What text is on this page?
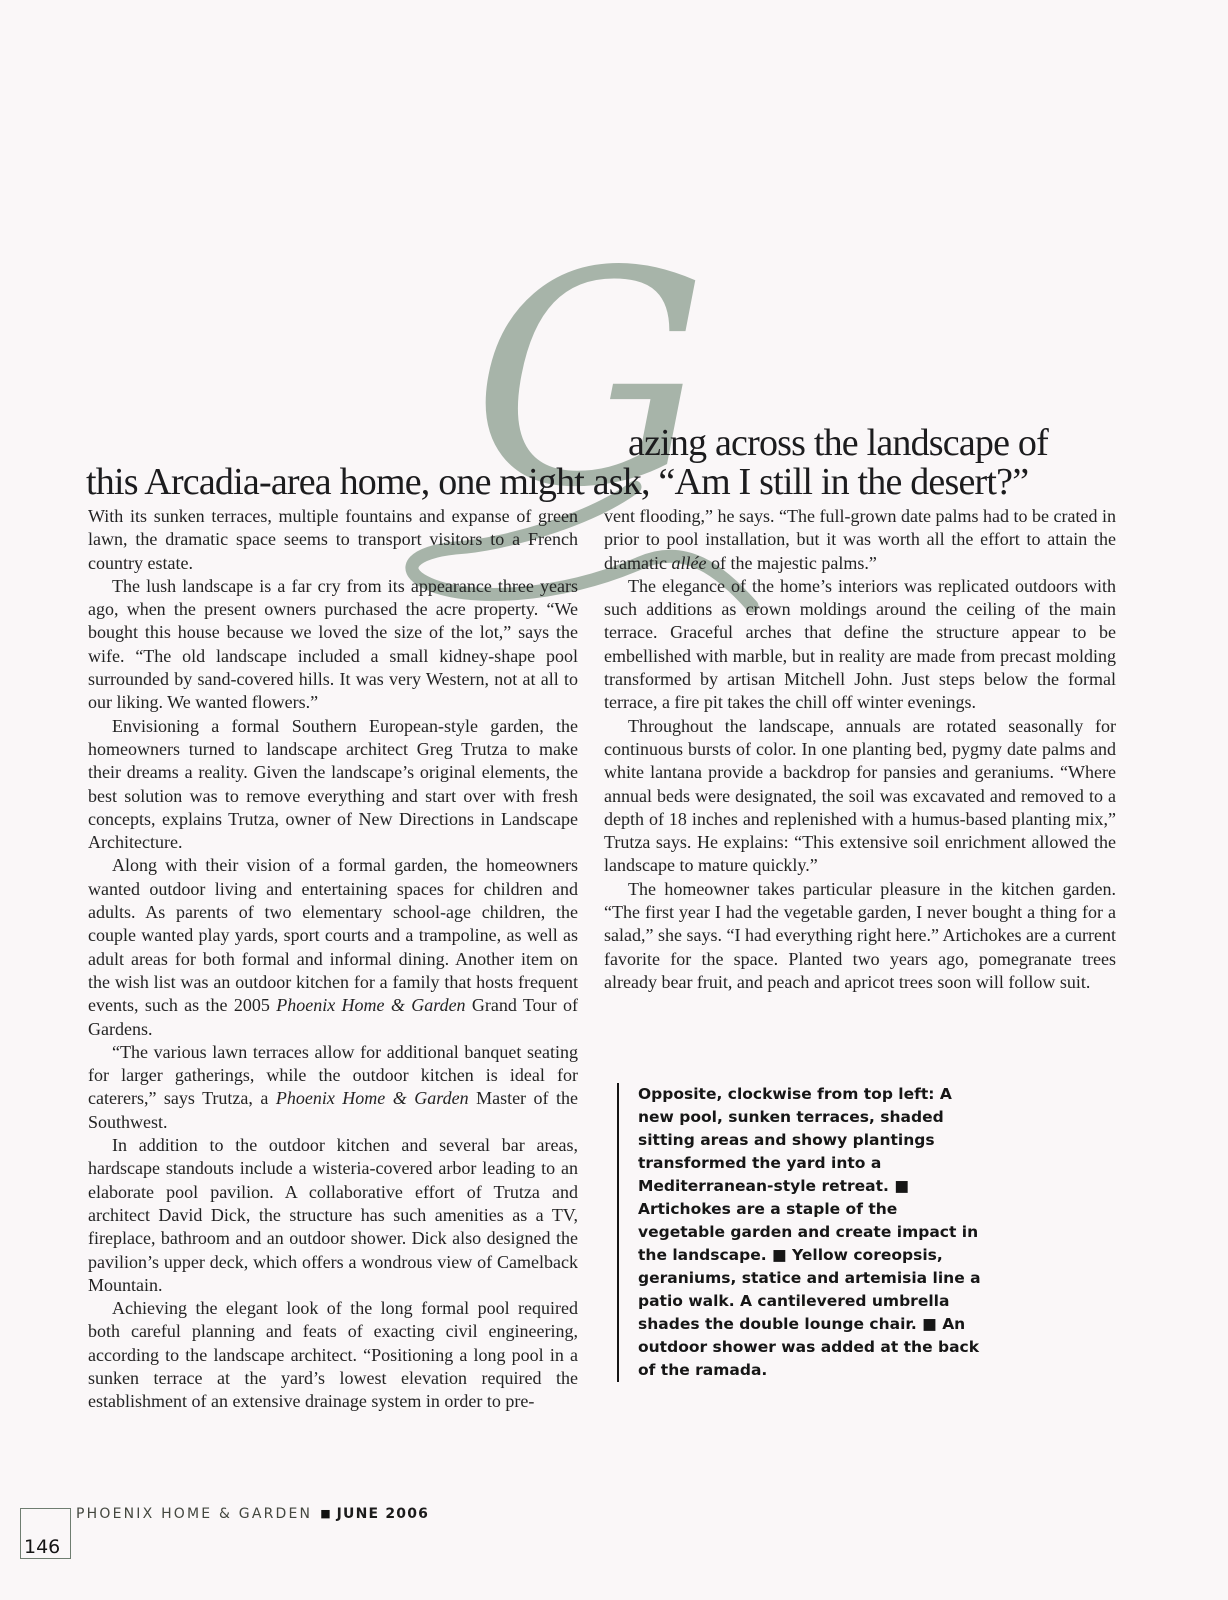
G
azing across the landscape of
this Arcadia-area home, one might ask, “Am I still in the desert?”

With its sunken terraces, multiple fountains and expanse of green lawn, the dramatic space seems to transport visitors to a French country estate.

The lush landscape is a far cry from its appearance three years ago, when the present owners purchased the acre property. “We bought this house because we loved the size of the lot,” says the wife. “The old landscape included a small kidney-shape pool surrounded by sand-covered hills. It was very Western, not at all to our liking. We wanted flowers.”

Envisioning a formal Southern European-style garden, the homeowners turned to landscape architect Greg Trutza to make their dreams a reality. Given the landscape’s original elements, the best solution was to remove everything and start over with fresh concepts, explains Trutza, owner of New Directions in Landscape Architecture.

Along with their vision of a formal garden, the homeowners wanted outdoor living and entertaining spaces for children and adults. As parents of two elementary school-age children, the couple wanted play yards, sport courts and a trampoline, as well as adult areas for both formal and informal dining. Another item on the wish list was an outdoor kitchen for a family that hosts frequent events, such as the 2005 Phoenix Home & Garden Grand Tour of Gardens.

“The various lawn terraces allow for additional banquet seating for larger gatherings, while the outdoor kitchen is ideal for caterers,” says Trutza, a Phoenix Home & Garden Master of the Southwest.

In addition to the outdoor kitchen and several bar areas, hardscape standouts include a wisteria-covered arbor leading to an elaborate pool pavilion. A collaborative effort of Trutza and architect David Dick, the structure has such amenities as a TV, fireplace, bathroom and an outdoor shower. Dick also designed the pavilion’s upper deck, which offers a wondrous view of Camelback Mountain.

Achieving the elegant look of the long formal pool required both careful planning and feats of exacting civil engineering, according to the landscape architect. “Positioning a long pool in a sunken terrace at the yard’s lowest elevation required the establishment of an extensive drainage system in order to pre-

vent flooding,” he says. “The full-grown date palms had to be crated in prior to pool installation, but it was worth all the effort to attain the dramatic allée of the majestic palms.”

The elegance of the home’s interiors was replicated outdoors with such additions as crown moldings around the ceiling of the main terrace. Graceful arches that define the structure appear to be embellished with marble, but in reality are made from precast molding transformed by artisan Mitchell John. Just steps below the formal terrace, a fire pit takes the chill off winter evenings.

Throughout the landscape, annuals are rotated seasonally for continuous bursts of color. In one planting bed, pygmy date palms and white lantana provide a backdrop for pansies and geraniums. “Where annual beds were designated, the soil was excavated and removed to a depth of 18 inches and replenished with a humus-based planting mix,” Trutza says. He explains: “This extensive soil enrichment allowed the landscape to mature quickly.”

The homeowner takes particular pleasure in the kitchen garden. “The first year I had the vegetable garden, I never bought a thing for a salad,” she says. “I had everything right here.” Artichokes are a current favorite for the space. Planted two years ago, pomegranate trees already bear fruit, and peach and apricot trees soon will follow suit.

Opposite, clockwise from top left: A new pool, sunken terraces, shaded sitting areas and showy plantings transformed the yard into a Mediterranean-style retreat. ■ Artichokes are a staple of the vegetable garden and create impact in the landscape. ■ Yellow coreopsis, geraniums, statice and artemisia line a patio walk. A cantilevered umbrella shades the double lounge chair. ■ An outdoor shower was added at the back of the ramada.
PHOENIX HOME & GARDEN ■ JUNE 2006
146
